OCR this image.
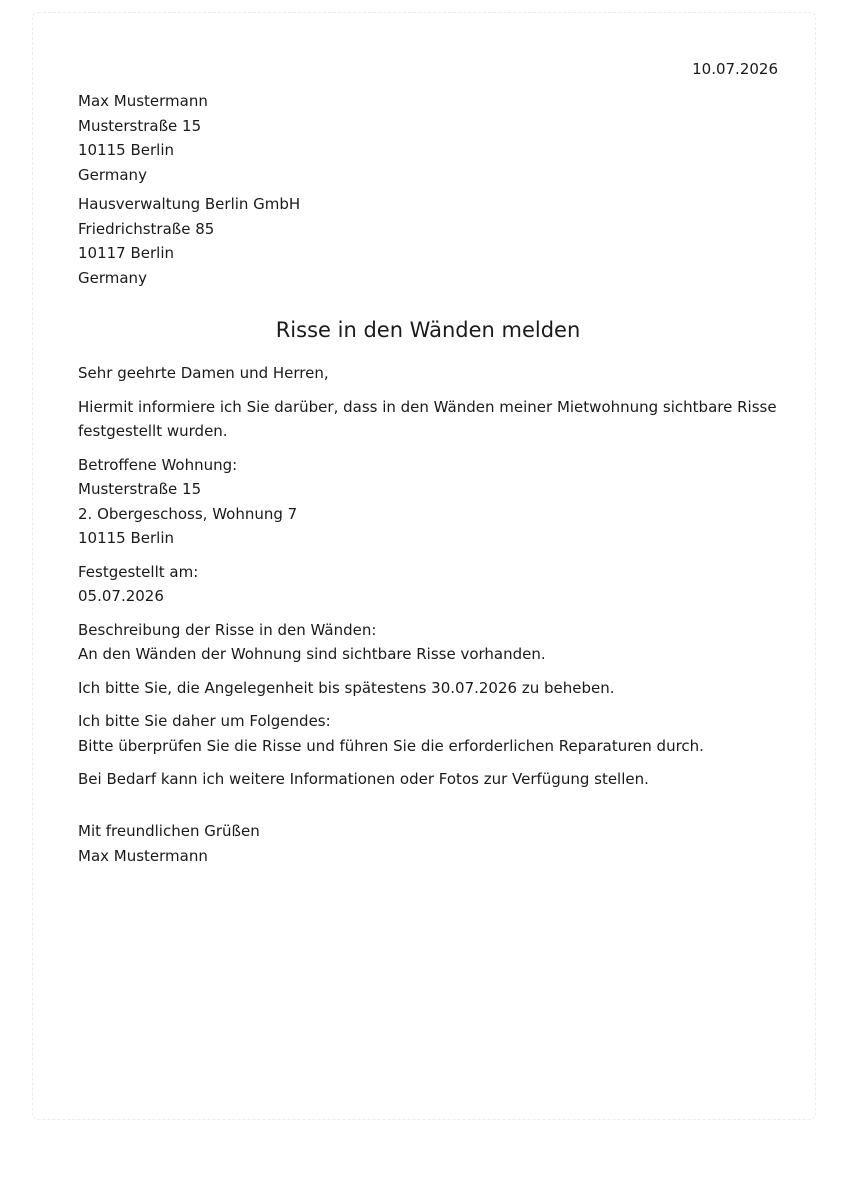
10.07.2026
Max Mustermann
Musterstraße 15
10115 Berlin
Germany
Hausverwaltung Berlin GmbH
Friedrichstraße 85
10117 Berlin
Germany
Risse in den Wänden melden

Sehr geehrte Damen und Herren,

Hiermit informiere ich Sie darüber, dass in den Wänden meiner Mietwohnung sichtbare Risse festgestellt wurden.

Betroffene Wohnung:
Musterstraße 15
2. Obergeschoss, Wohnung 7
10115 Berlin

Festgestellt am:
05.07.2026

Beschreibung der Risse in den Wänden:
An den Wänden der Wohnung sind sichtbare Risse vorhanden.

Ich bitte Sie, die Angelegenheit bis spätestens 30.07.2026 zu beheben.

Ich bitte Sie daher um Folgendes:
Bitte überprüfen Sie die Risse und führen Sie die erforderlichen Reparaturen durch.

Bei Bedarf kann ich weitere Informationen oder Fotos zur Verfügung stellen.

Mit freundlichen Grüßen
Max Mustermann
